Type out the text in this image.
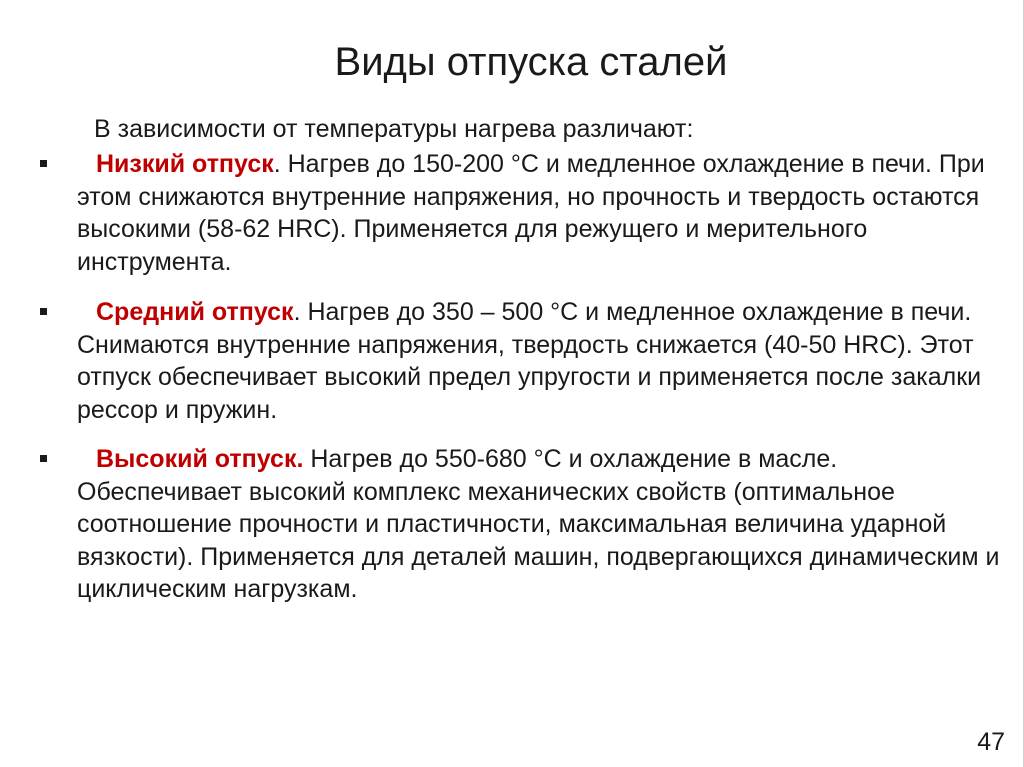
Виды отпуска сталей

В зависимости от температуры нагрева различают:

Низкий отпуск. Нагрев до 150-200 °С и медленное охлаждение в печи. При этом снижаются внутренние напряжения, но прочность и твердость остаются высокими (58-62 HRC). Применяется для режущего и мерительного инструмента.
Средний отпуск. Нагрев до 350 – 500 °С и медленное охлаждение в печи. Снимаются внутренние напряжения, твердость снижается (40-50 HRC). Этот отпуск обеспечивает высокий предел упругости и применяется после закалки рессор и пружин.
Высокий отпуск. Нагрев до 550-680 °С и охлаждение в масле. Обеспечивает высокий комплекс механических свойств (оптимальное соотношение прочности и пластичности, максимальная величина ударной вязкости). Применяется для деталей машин, подвергающихся динамическим и циклическим нагрузкам.
47
